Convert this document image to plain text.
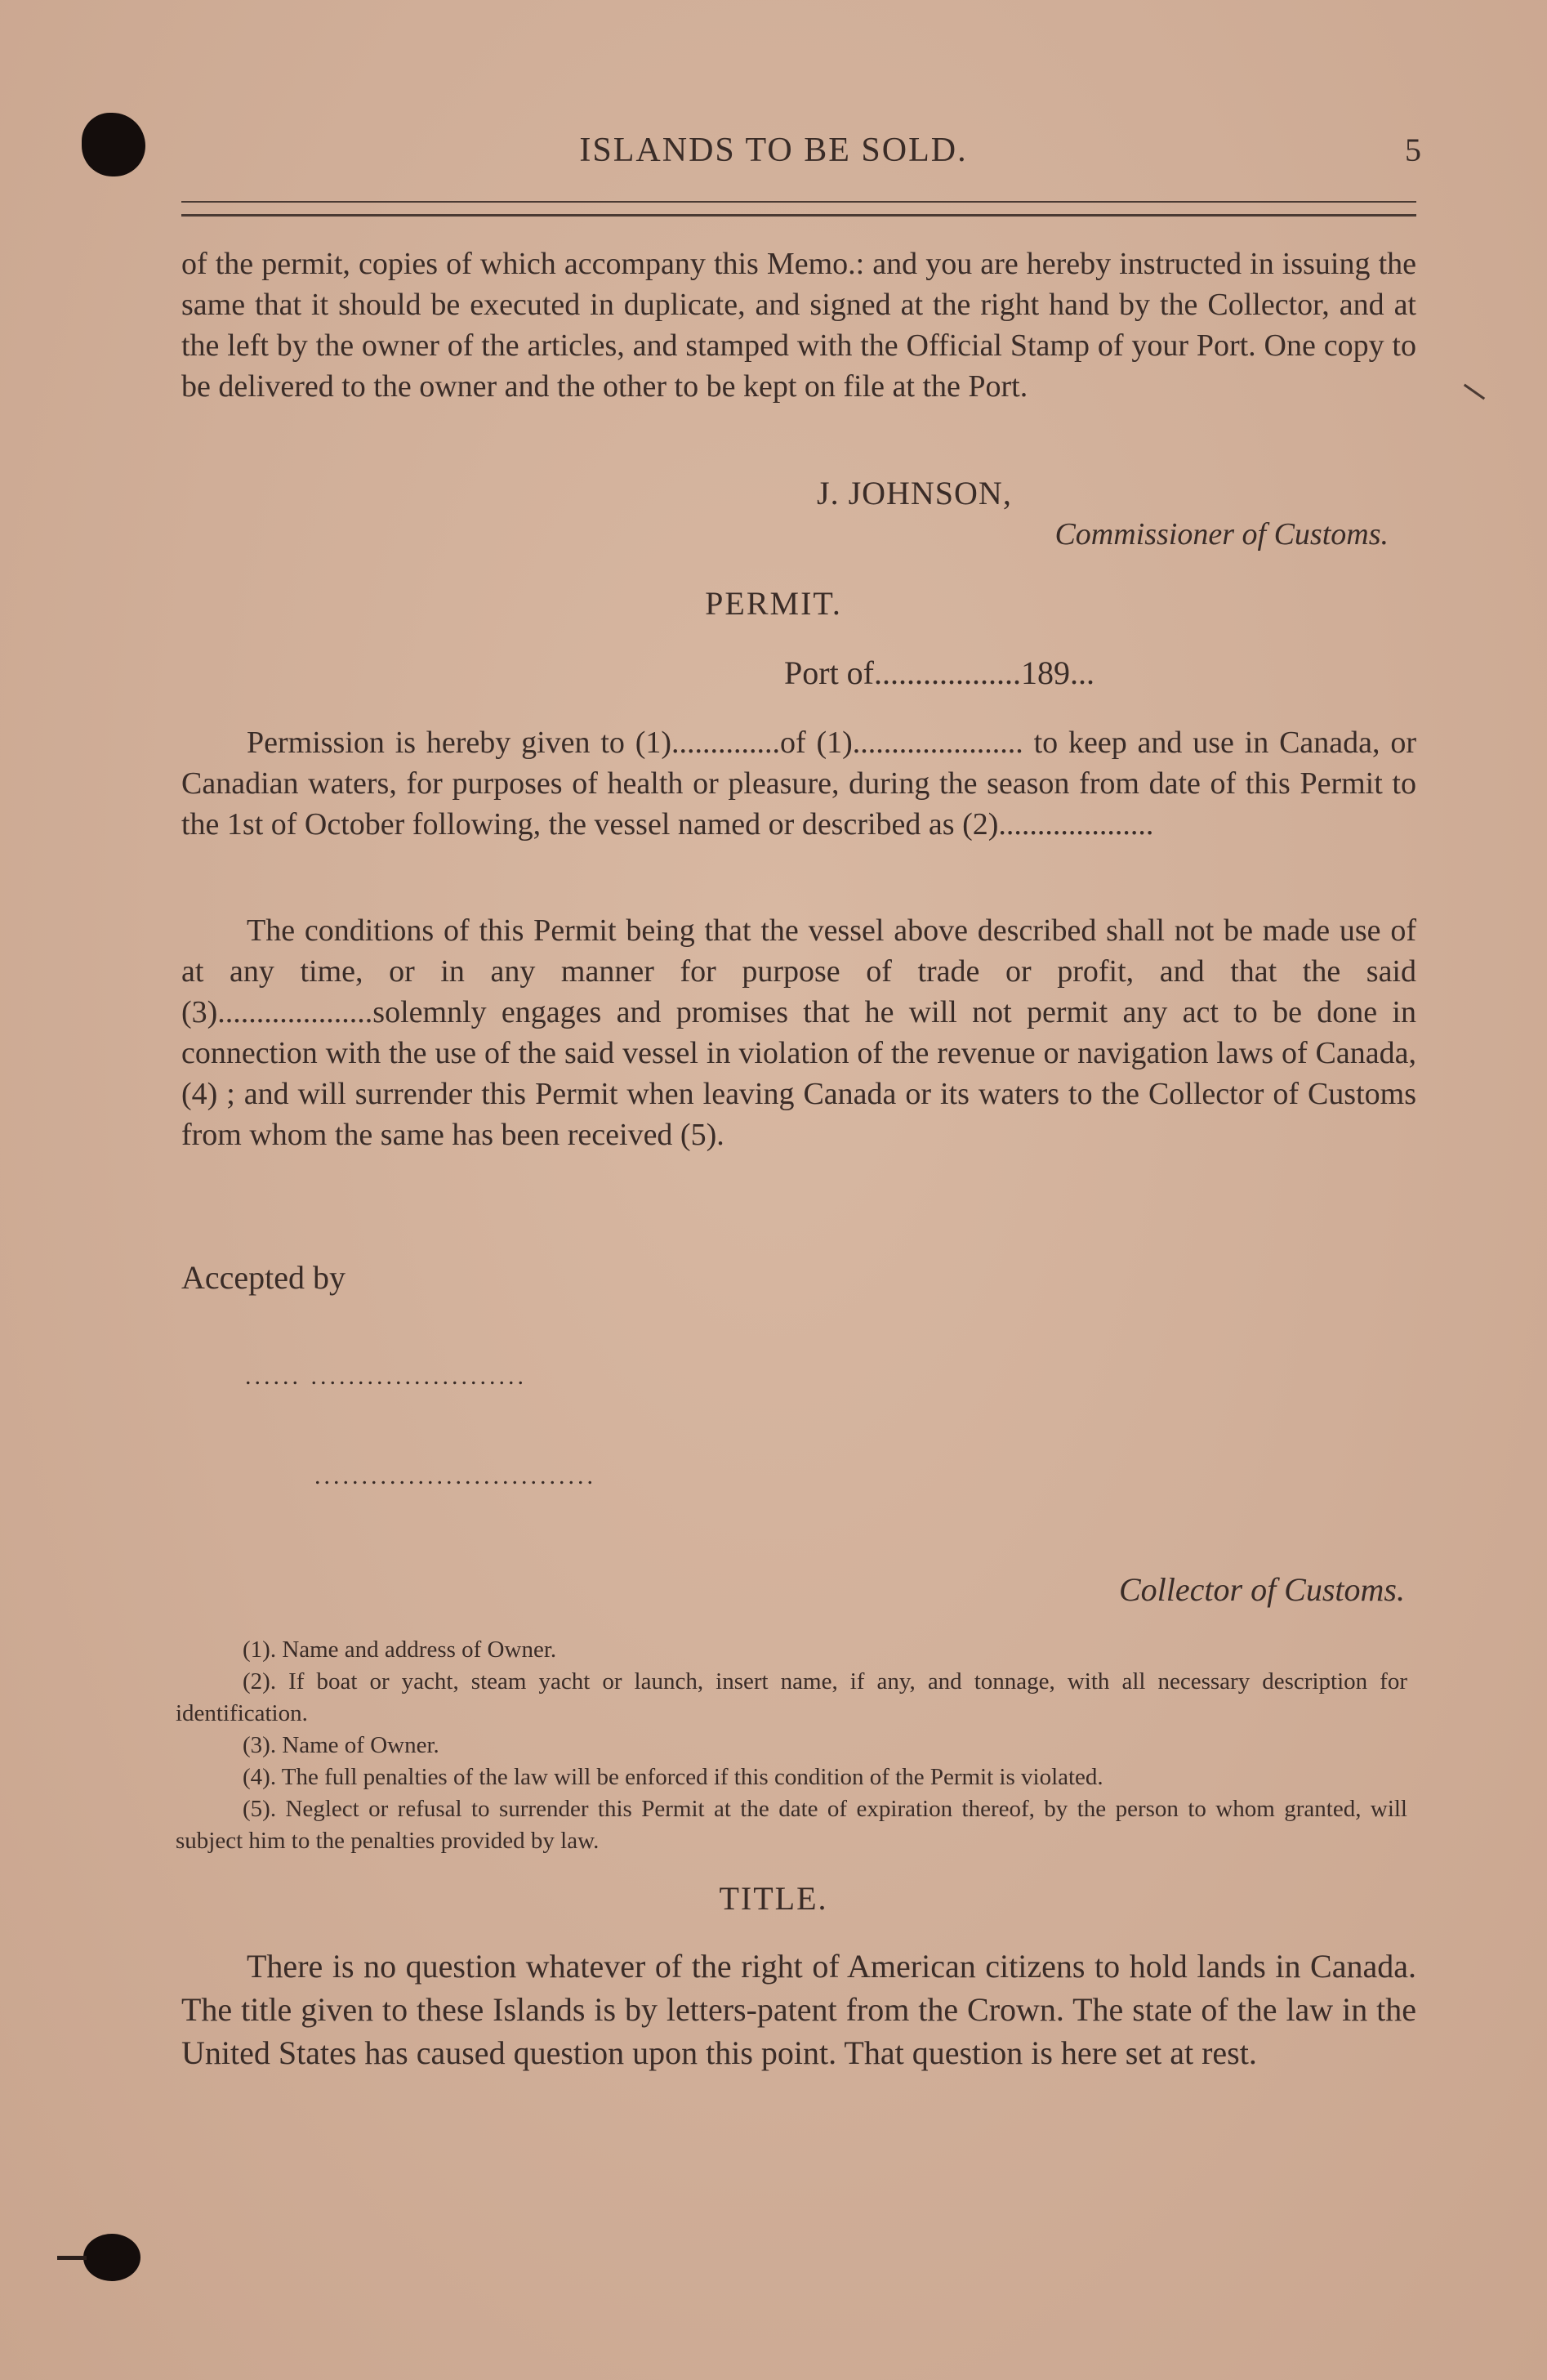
ISLANDS TO BE SOLD.	5

of the permit, copies of which accompany this Memo.: and you are hereby instructed in issuing the same that it should be executed in duplicate, and signed at the right hand by the Collector, and at the left by the owner of the articles, and stamped with the Official Stamp of your Port. One copy to be delivered to the owner and the other to be kept on file at the Port.

J. JOHNSON,
Commissioner of Customs.
PERMIT.
Port of..................189...

Permission is hereby given to (1)..............of (1)...................... to keep and use in Canada, or Canadian waters, for purposes of health or pleasure, during the season from date of this Permit to the 1st of October following, the vessel named or described as (2)....................

The conditions of this Permit being that the vessel above described shall not be made use of at any time, or in any manner for purpose of trade or profit, and that the said (3)....................solemnly engages and promises that he will not permit any act to be done in connection with the use of the said vessel in violation of the revenue or navigation laws of Canada, (4) ; and will surrender this Permit when leaving Canada or its waters to the Collector of Customs from whom the same has been received (5).

Accepted by
...... .......................
..............................
Collector of Customs.

(1). Name and address of Owner.

(2). If boat or yacht, steam yacht or launch, insert name, if any, and tonnage, with all necessary description for identification.

(3). Name of Owner.

(4). The full penalties of the law will be enforced if this condition of the Permit is violated.

(5). Neglect or refusal to surrender this Permit at the date of expiration thereof, by the person to whom granted, will subject him to the penalties provided by law.

TITLE.

There is no question whatever of the right of American citizens to hold lands in Canada. The title given to these Islands is by letters-patent from the Crown. The state of the law in the United States has caused question upon this point. That question is here set at rest.
